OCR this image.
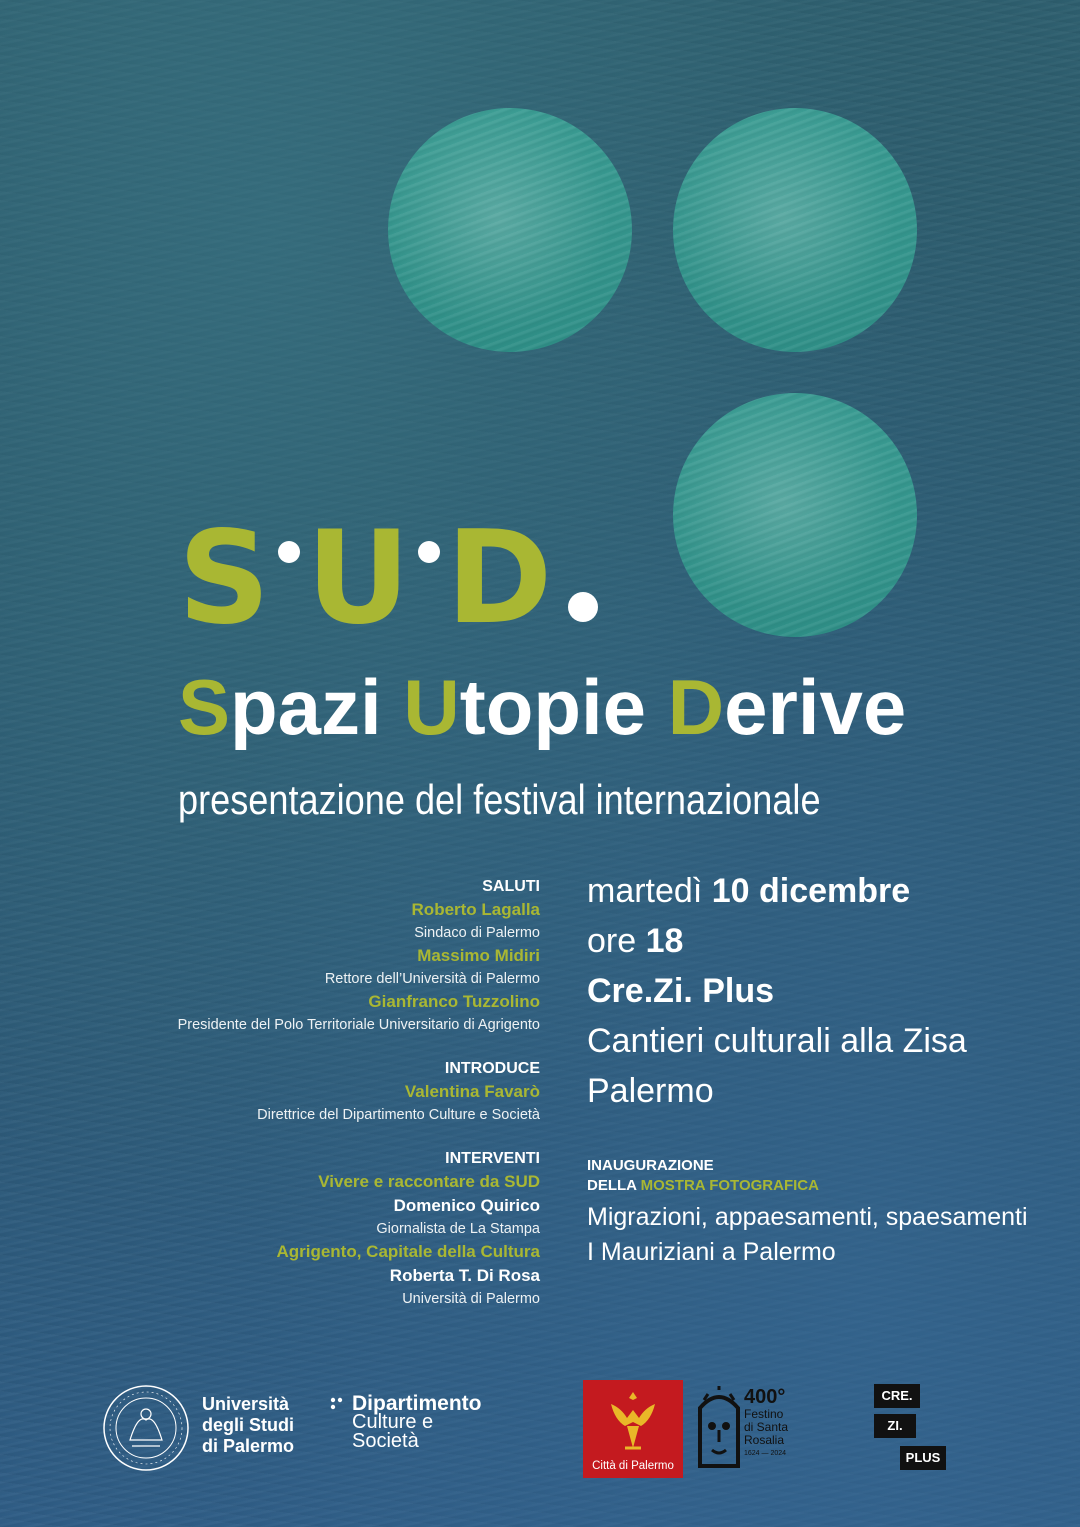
S U D
Spazi Utopie Derive
presentazione del festival internazionale
SALUTI
Roberto Lagalla
Sindaco di Palermo
Massimo Midiri
Rettore dell’Università di Palermo
Gianfranco Tuzzolino
Presidente del Polo Territoriale Universitario di Agrigento
INTRODUCE
Valentina Favarò
Direttrice del Dipartimento Culture e Società
INTERVENTI
Vivere e raccontare da SUD
Domenico Quirico
Giornalista de La Stampa
Agrigento, Capitale della Cultura
Roberta T. Di Rosa
Università di Palermo
martedì 10 dicembre
ore 18
Cre.Zi. Plus
Cantieri culturali alla Zisa
Palermo
INAUGURAZIONE
DELLA MOSTRA FOTOGRAFICA
Migrazioni, appaesamenti, spaesamenti
I Mauriziani a Palermo
Università
degli Studi
di Palermo
Dipartimento
Culture e
Società
Città di Palermo
400°
Festino
di Santa
Rosalia
1624 — 2024
CRE.
ZI.
PLUS
